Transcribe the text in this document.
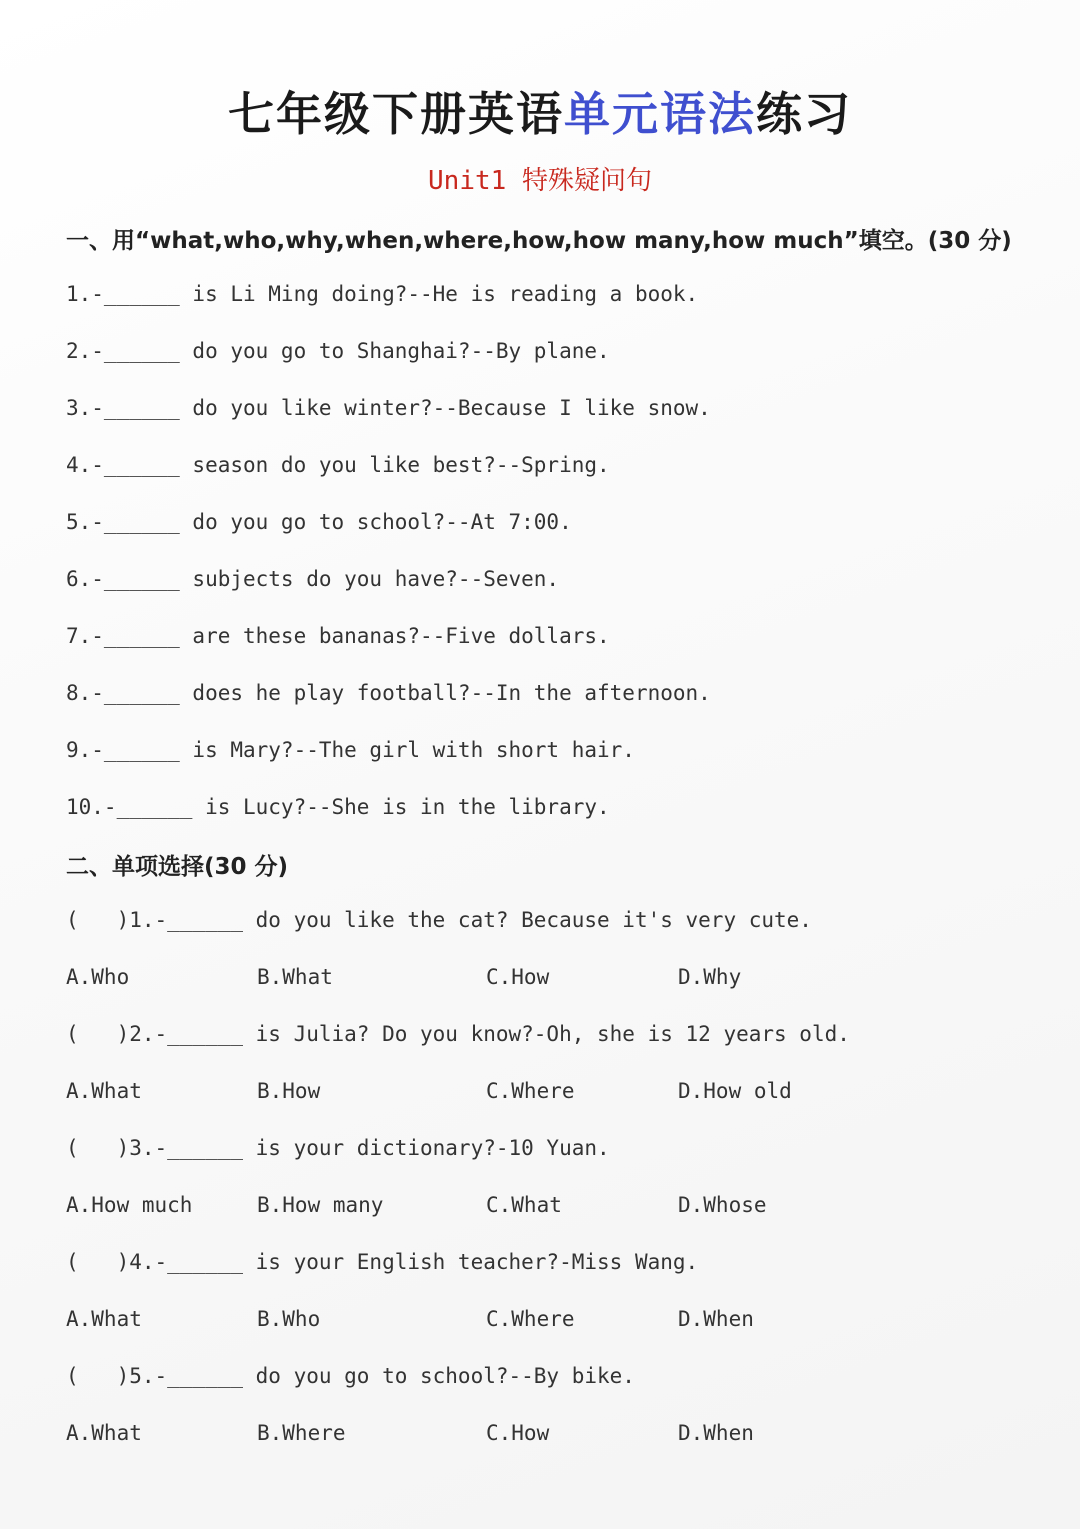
七年级下册英语单元语法练习
Unit1 特殊疑问句
一、用“what,who,why,when,where,how,how many,how much”填空。(30 分)
1.-______ is Li Ming doing?--He is reading a book.
2.-______ do you go to Shanghai?--By plane.
3.-______ do you like winter?--Because I like snow.
4.-______ season do you like best?--Spring.
5.-______ do you go to school?--At 7:00.
6.-______ subjects do you have?--Seven.
7.-______ are these bananas?--Five dollars.
8.-______ does he play football?--In the afternoon.
9.-______ is Mary?--The girl with short hair.
10.-______ is Lucy?--She is in the library.
二、单项选择(30 分)
(   )1.-______ do you like the cat? Because it's very cute.
A.Who	B.What	C.How	D.Why
(   )2.-______ is Julia? Do you know?-Oh, she is 12 years old.
A.What	B.How	C.Where	D.How old
(   )3.-______ is your dictionary?-10 Yuan.
A.How much	B.How many	C.What	D.Whose
(   )4.-______ is your English teacher?-Miss Wang.
A.What	B.Who	C.Where	D.When
(   )5.-______ do you go to school?--By bike.
A.What	B.Where	C.How	D.When
